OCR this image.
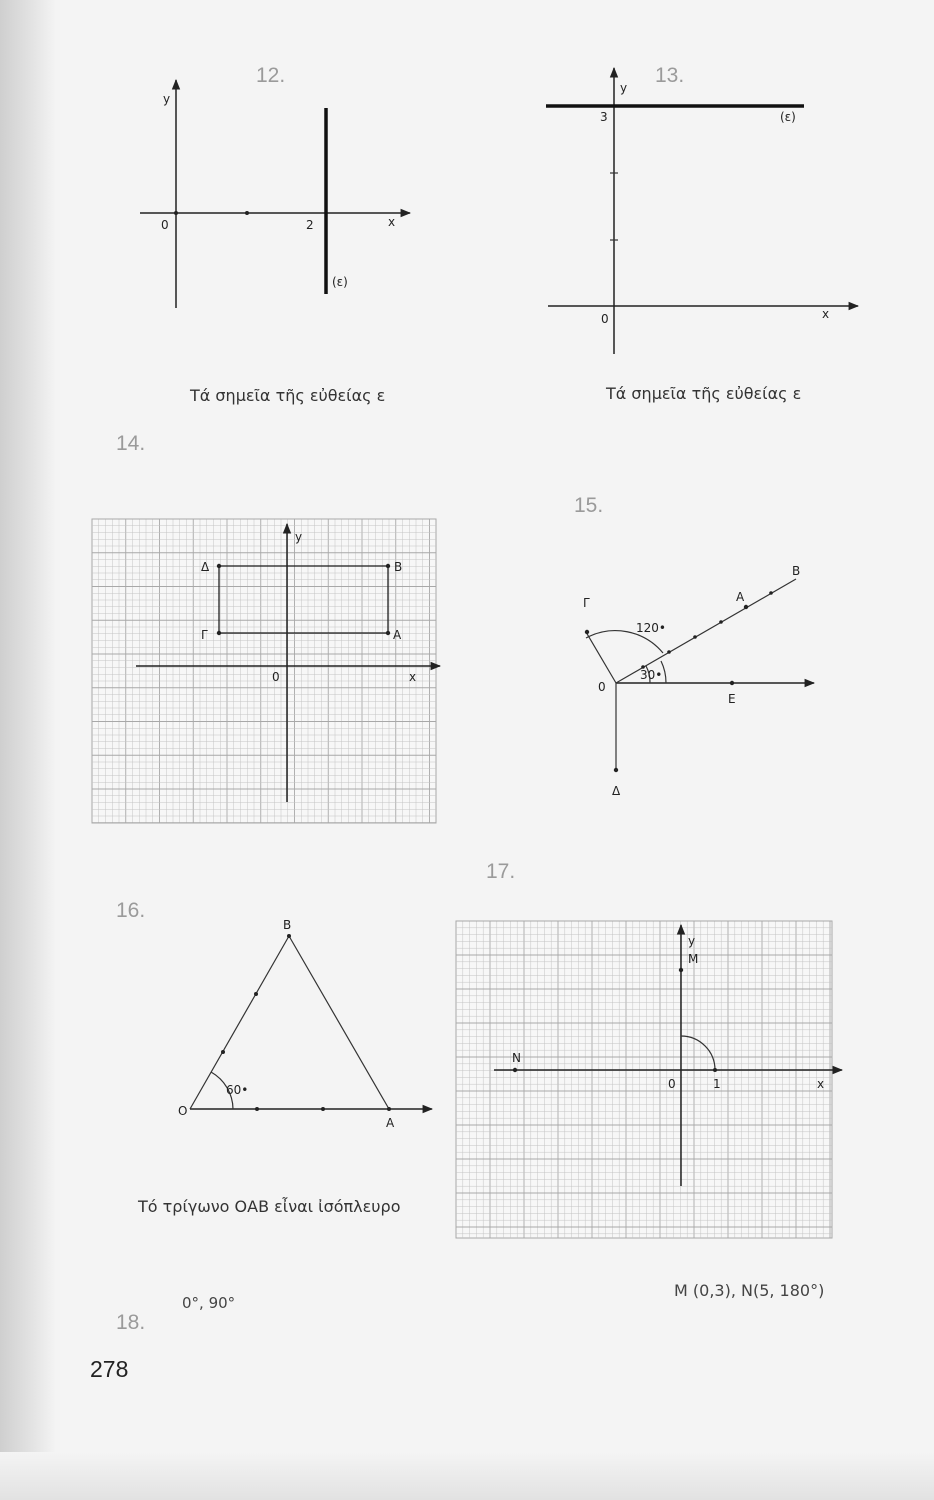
12.
y
0	2	x
(ε)
Τά σημεῖα τῆς εὐθείας ε
13.
y
3	(ε)
0	x
Τά σημεῖα τῆς εὐθείας ε
14.
y
Δ	Β
Γ	Α
0	x
15.
Β
Α
Γ
120•
30•
0
Ε
Δ
16.
B
O
A
60•
Τό τρίγωνο ΟΑΒ εἶναι ἰσόπλευρο
17.
y
M
N
0	1	x
M (0,3), N(5, 180°)
0°, 90°
18.
278
